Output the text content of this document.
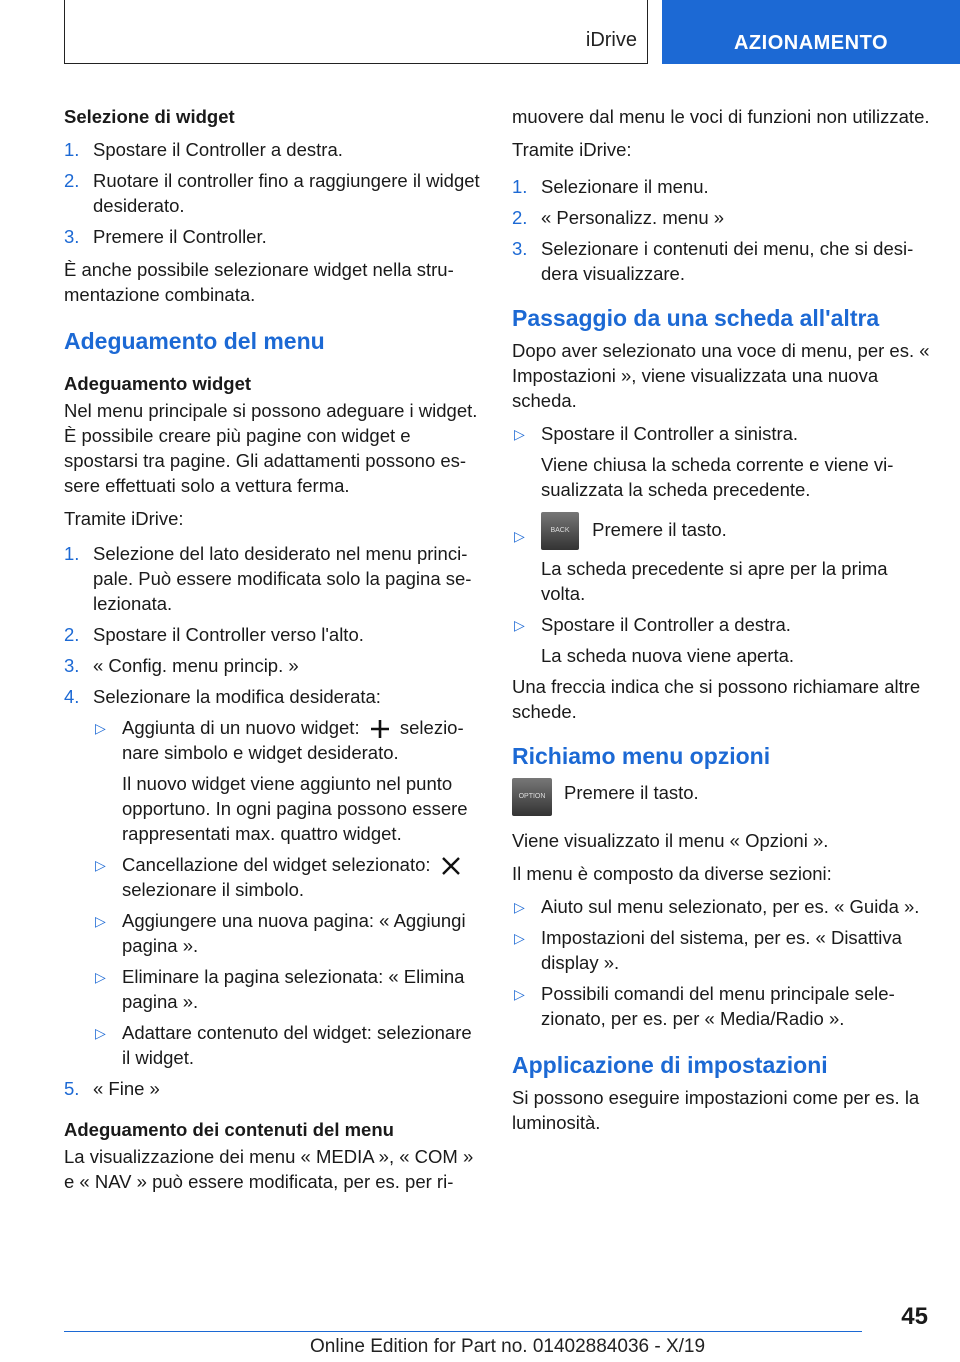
iDrive	AZIONAMENTO
Selezione di widget
1. Spostare il Controller a destra.
2. Ruotare il controller fino a raggiungere il widget desiderato.
3. Premere il Controller.

È anche possibile selezionare widget nella strumentazione combinata.

Adeguamento del menu
Adeguamento widget

Nel menu principale si possono adeguare i widget. È possibile creare più pagine con widget e spostarsi tra pagine. Gli adattamenti possono essere effettuati solo a vettura ferma.

Tramite iDrive:

1. Selezione del lato desiderato nel menu principale. Può essere modificata solo la pagina selezionata.
2. Spostare il Controller verso l'alto.
3. « Config. menu princip. »
4. Selezionare la modifica desiderata:
▷ Aggiunta di un nuovo widget: selezionare simbolo e widget desiderato.

Il nuovo widget viene aggiunto nel punto opportuno. In ogni pagina possono essere rappresentati max. quattro widget.

▷ Cancellazione del widget selezionato:  selezionare il simbolo.
▷ Aggiungere una nuova pagina: « Aggiungi pagina ».
▷ Eliminare la pagina selezionata: « Elimina pagina ».
▷ Adattare contenuto del widget: selezionare il widget.
5. « Fine »
Adeguamento dei contenuti del menu

La visualizzazione dei menu « MEDIA », « COM » e « NAV » può essere modificata, per es. per ri-

muovere dal menu le voci di funzioni non utilizzate.

Tramite iDrive:

1. Selezionare il menu.
2. « Personalizz. menu »
3. Selezionare i contenuti dei menu, che si desidera visualizzare.
Passaggio da una scheda all'altra

Dopo aver selezionato una voce di menu, per es. « Impostazioni », viene visualizzata una nuova scheda.

▷ Spostare il Controller a sinistra.

Viene chiusa la scheda corrente e viene visualizzata la scheda precedente.

▷	BACK Premere il tasto.

La scheda precedente si apre per la prima volta.

▷ Spostare il Controller a destra.

La scheda nuova viene aperta.

Una freccia indica che si possono richiamare altre schede.

Richiamo menu opzioni
OPTION	Premere il tasto.

Viene visualizzato il menu « Opzioni ».

Il menu è composto da diverse sezioni:

▷ Aiuto sul menu selezionato, per es. « Guida ».
▷ Impostazioni del sistema, per es. « Disattiva display ».
▷ Possibili comandi del menu principale selezionato, per es. per « Media/Radio ».
Applicazione di impostazioni

Si possono eseguire impostazioni come per es. la luminosità.

45
Online Edition for Part no. 01402884036 - X/19
